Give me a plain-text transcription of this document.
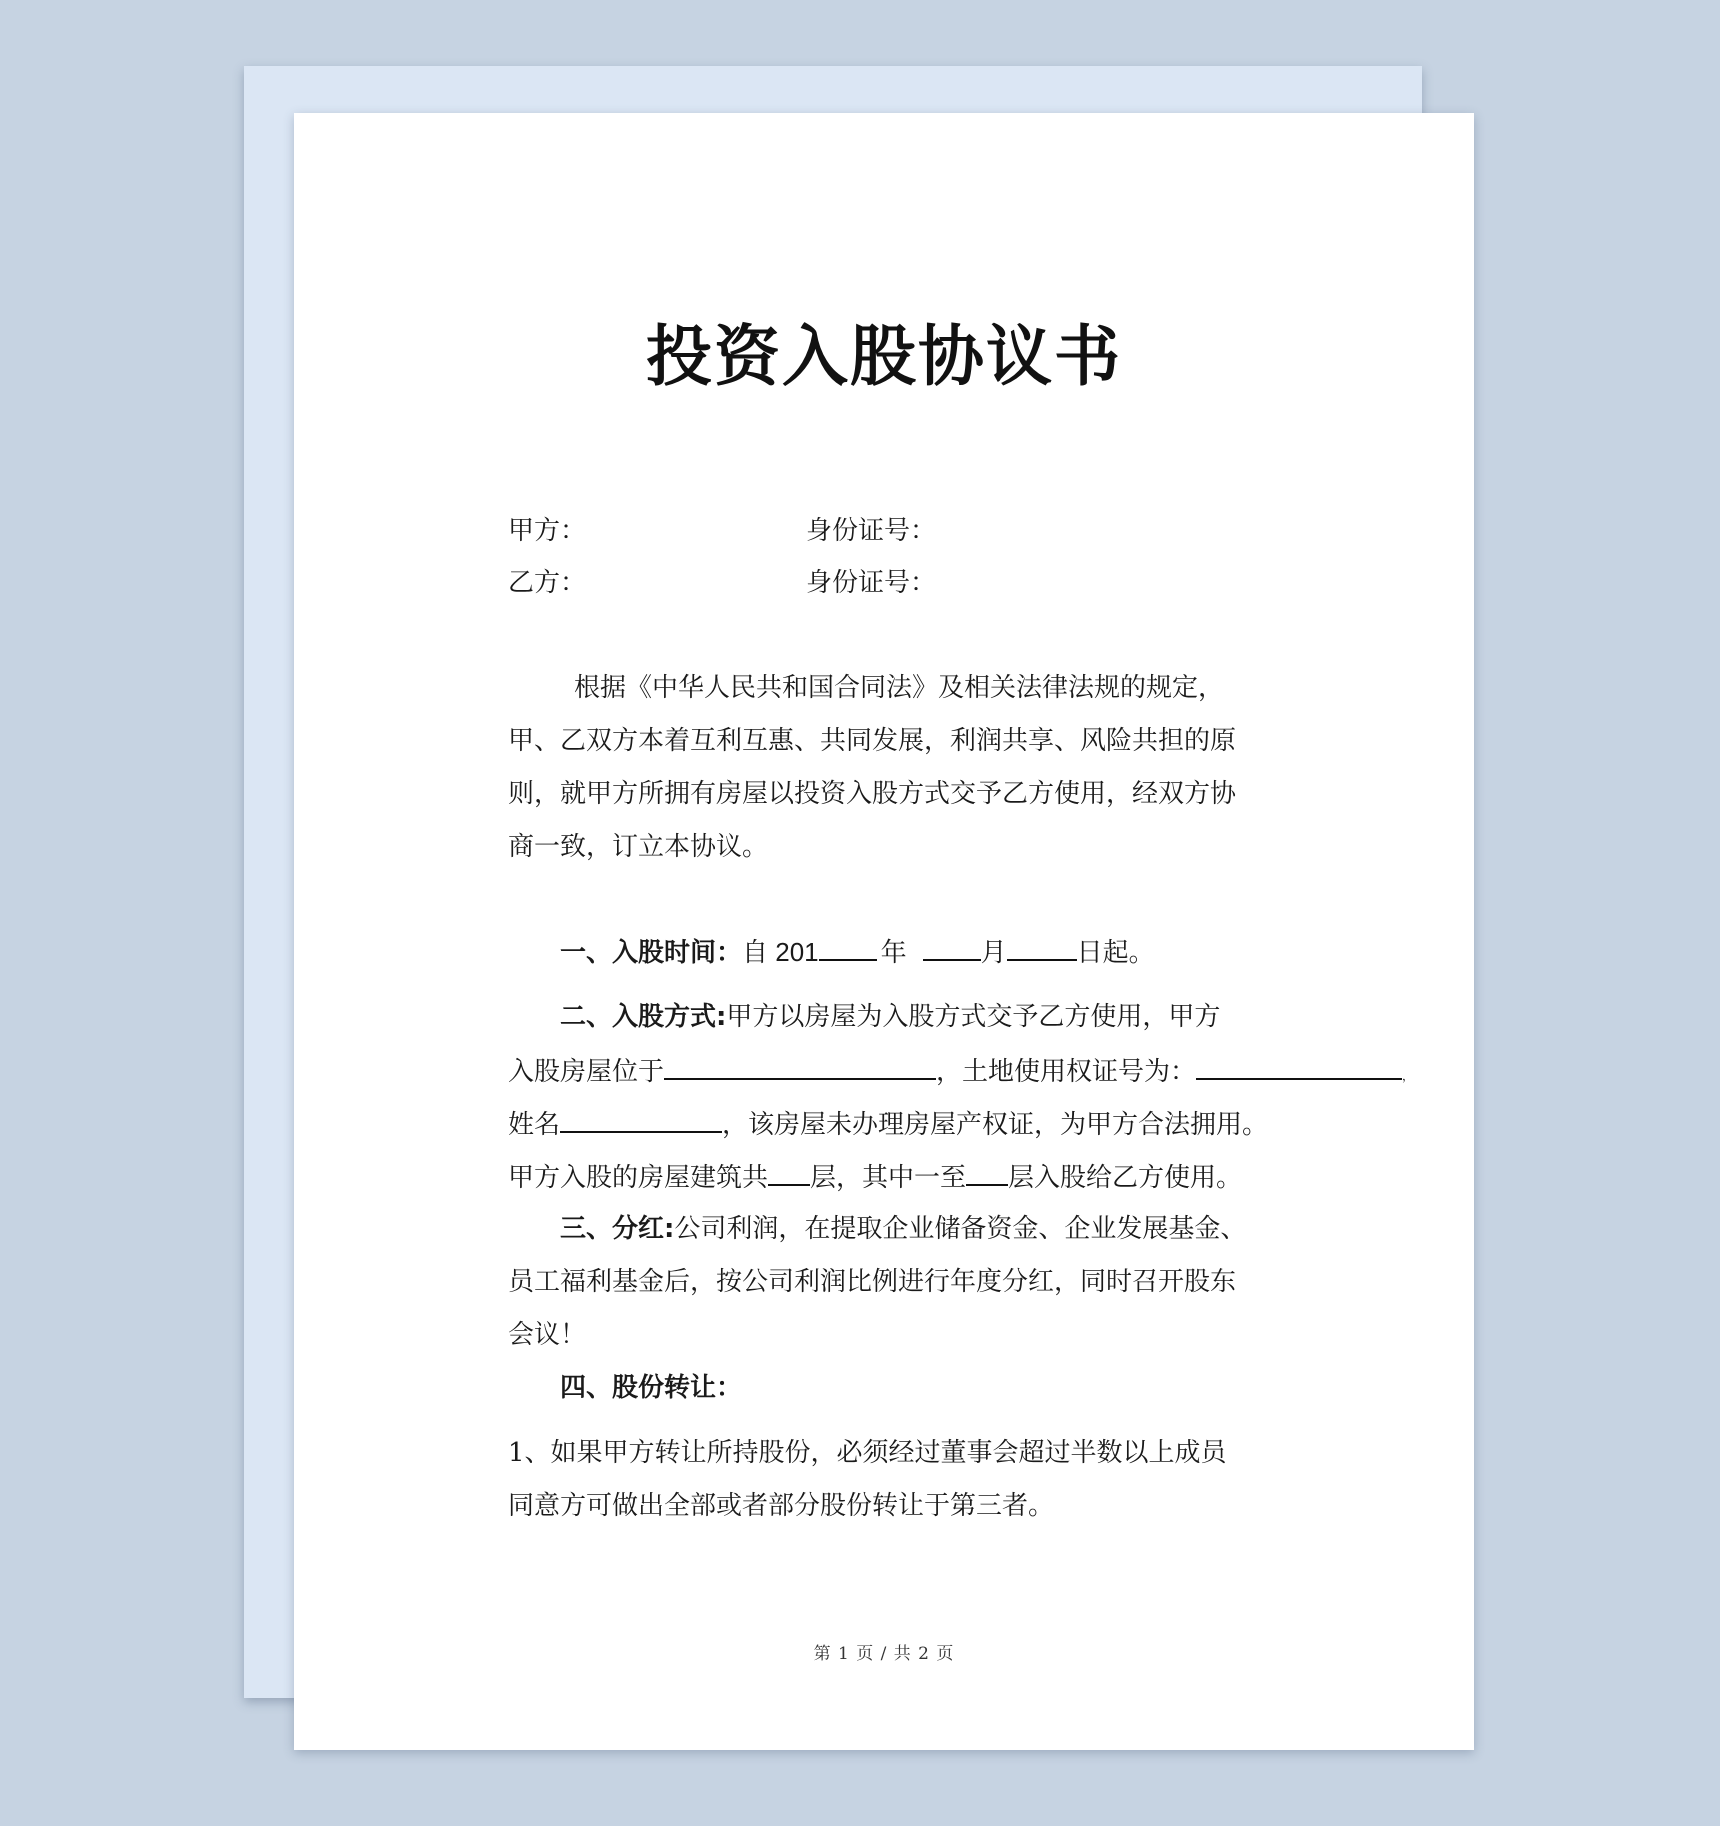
投资入股协议书
甲方：	身份证号：
乙方：	身份证号：
根据《中华人民共和国合同法》及相关法律法规的规定，
甲、乙双方本着互利互惠、共同发展，利润共享、风险共担的原
则，就甲方所拥有房屋以投资入股方式交予乙方使用，经双方协
商一致，订立本协议。
一、入股时间：自 201 年	月	日起。
二、入股方式:甲方以房屋为入股方式交予乙方使用，甲方
入股房屋位于	，土地使用权证号为：	，
姓名	，该房屋未办理房屋产权证，为甲方合法拥用。
甲方入股的房屋建筑共 层，其中一至 层入股给乙方使用。
三、分红:公司利润，在提取企业储备资金、企业发展基金、
员工福利基金后，按公司利润比例进行年度分红，同时召开股东
会议！
四、股份转让：
1、如果甲方转让所持股份，必须经过董事会超过半数以上成员
同意方可做出全部或者部分股份转让于第三者。
第 1 页 / 共 2 页
